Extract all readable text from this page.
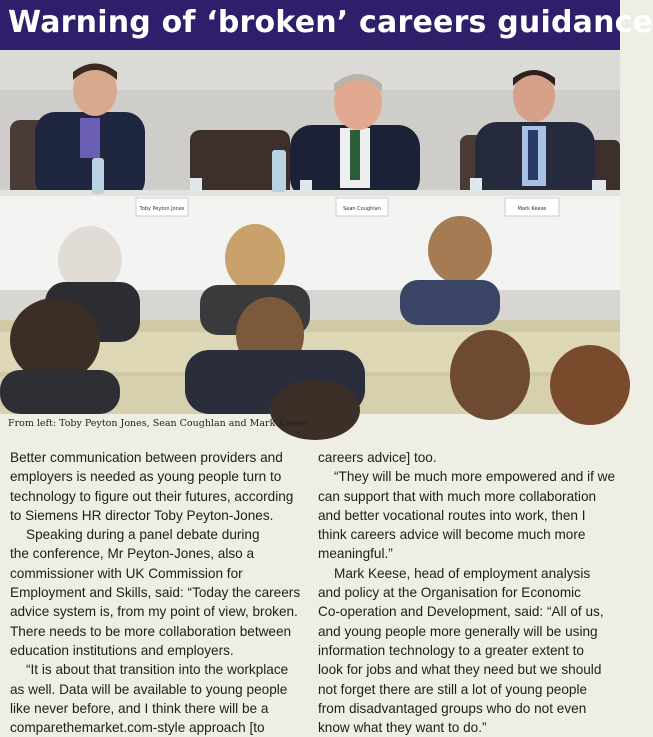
Warning of ‘broken’ careers guidance
Toby Peyton Jones	Sean Coughlan	Mark Keese
From left: Toby Peyton Jones, Sean Coughlan and Mark Keese

Better communication between providers and
employers is needed as young people turn to
technology to figure out their futures, according
to Siemens HR director Toby Peyton-Jones.

Speaking during a panel debate during
the conference, Mr Peyton-Jones, also a
commissioner with UK Commission for
Employment and Skills, said: “Today the careers
advice system is, from my point of view, broken.
There needs to be more collaboration between
education institutions and employers.

“It is about that transition into the workplace
as well. Data will be available to young people
like never before, and I think there will be a
comparethemarket.com-style approach [to

careers advice] too.

“They will be much more empowered and if we
can support that with much more collaboration
and better vocational routes into work, then I
think careers advice will become much more
meaningful.”

Mark Keese, head of employment analysis
and policy at the Organisation for Economic
Co-operation and Development, said: “All of us,
and young people more generally will be using
information technology to a greater extent to
look for jobs and what they need but we should
not forget there are still a lot of young people
from disadvantaged groups who do not even
know what they want to do.”
